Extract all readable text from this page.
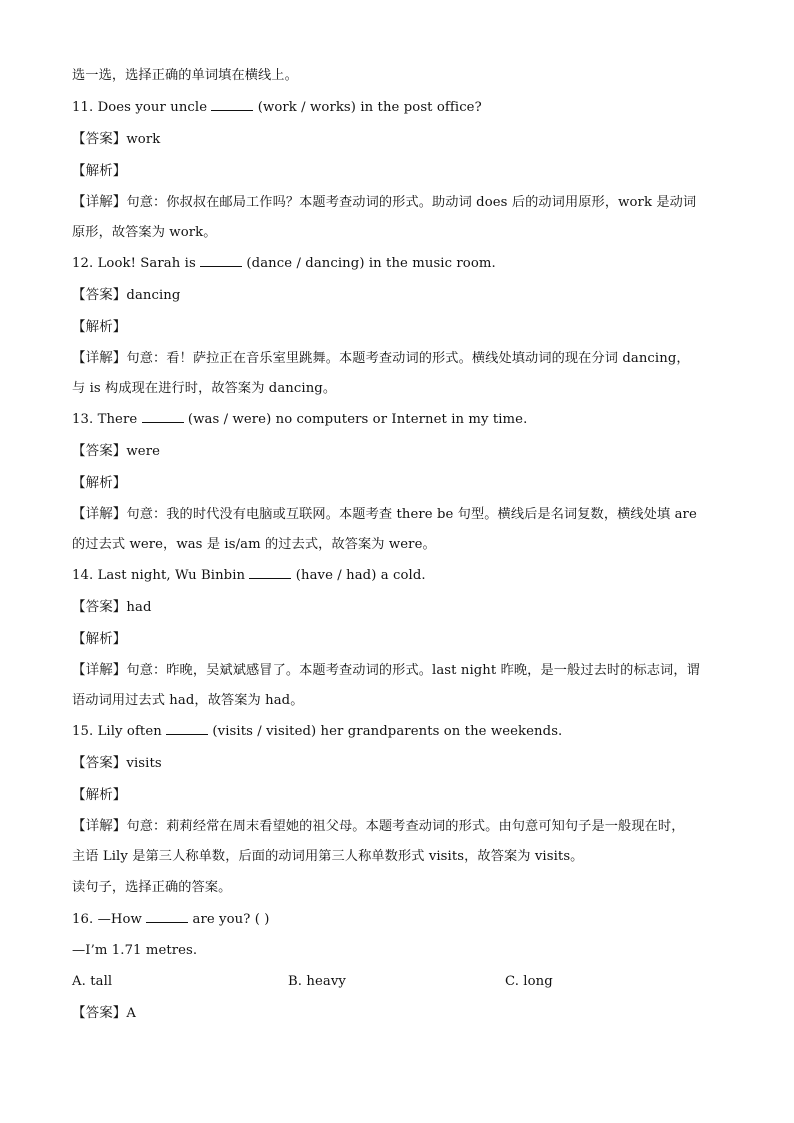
选一选，选择正确的单词填在横线上。
11. Does your uncle	(work / works) in the post office?
【答案】work
【解析】
【详解】句意：你叔叔在邮局工作吗？本题考查动词的形式。助动词 does 后的动词用原形，work 是动词
原形，故答案为 work。
12. Look! Sarah is	(dance / dancing) in the music room.
【答案】dancing
【解析】
【详解】句意：看！萨拉正在音乐室里跳舞。本题考查动词的形式。横线处填动词的现在分词 dancing，
与 is 构成现在进行时，故答案为 dancing。
13. There	(was / were) no computers or Internet in my time.
【答案】were
【解析】
【详解】句意：我的时代没有电脑或互联网。本题考查 there be 句型。横线后是名词复数，横线处填 are
的过去式 were，was 是 is/am 的过去式，故答案为 were。
14. Last night, Wu Binbin	(have / had) a cold.
【答案】had
【解析】
【详解】句意：昨晚，吴斌斌感冒了。本题考查动词的形式。last night 昨晚，是一般过去时的标志词，谓
语动词用过去式 had，故答案为 had。
15. Lily often	(visits / visited) her grandparents on the weekends.
【答案】visits
【解析】
【详解】句意：莉莉经常在周末看望她的祖父母。本题考查动词的形式。由句意可知句子是一般现在时，
主语 Lily 是第三人称单数，后面的动词用第三人称单数形式 visits，故答案为 visits。
读句子，选择正确的答案。
16. —How	are you? ( )
—I’m 1.71 metres.
A. tall	B. heavy	C. long
【答案】A
